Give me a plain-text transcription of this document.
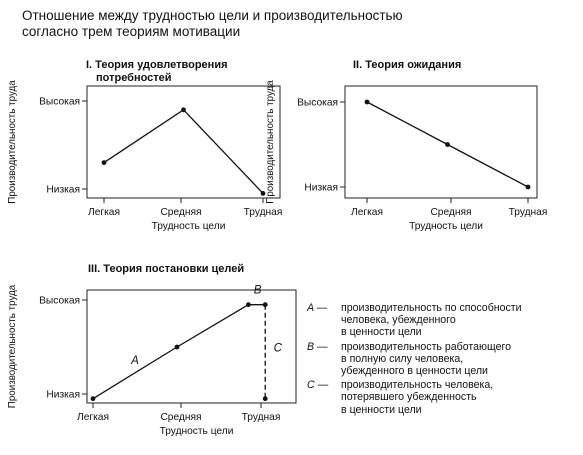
Отношение между трудностью цели и производительностью
согласно трем теориям мотивации
I. Теория удовлетворения
потребностей
II. Теория ожидания
III. Теория постановки целей
Низкая
Высокая
Легкая	Средняя	Трудная
Трудность цели
Производительность труда	Низкая
Высокая
Легкая	Средняя	Трудная
Трудность цели
Производительность труда
Низкая
Высокая
Легкая	Средняя	Трудная
Трудность цели
Производительность труда	A
B
C
A —	производительность по способности
человека, убежденного
в ценности цели
B —	производительность работающего
в полную силу человека,
убежденного в ценности цели
C —	производительность человека,
потерявшего убежденность
в ценности цели
